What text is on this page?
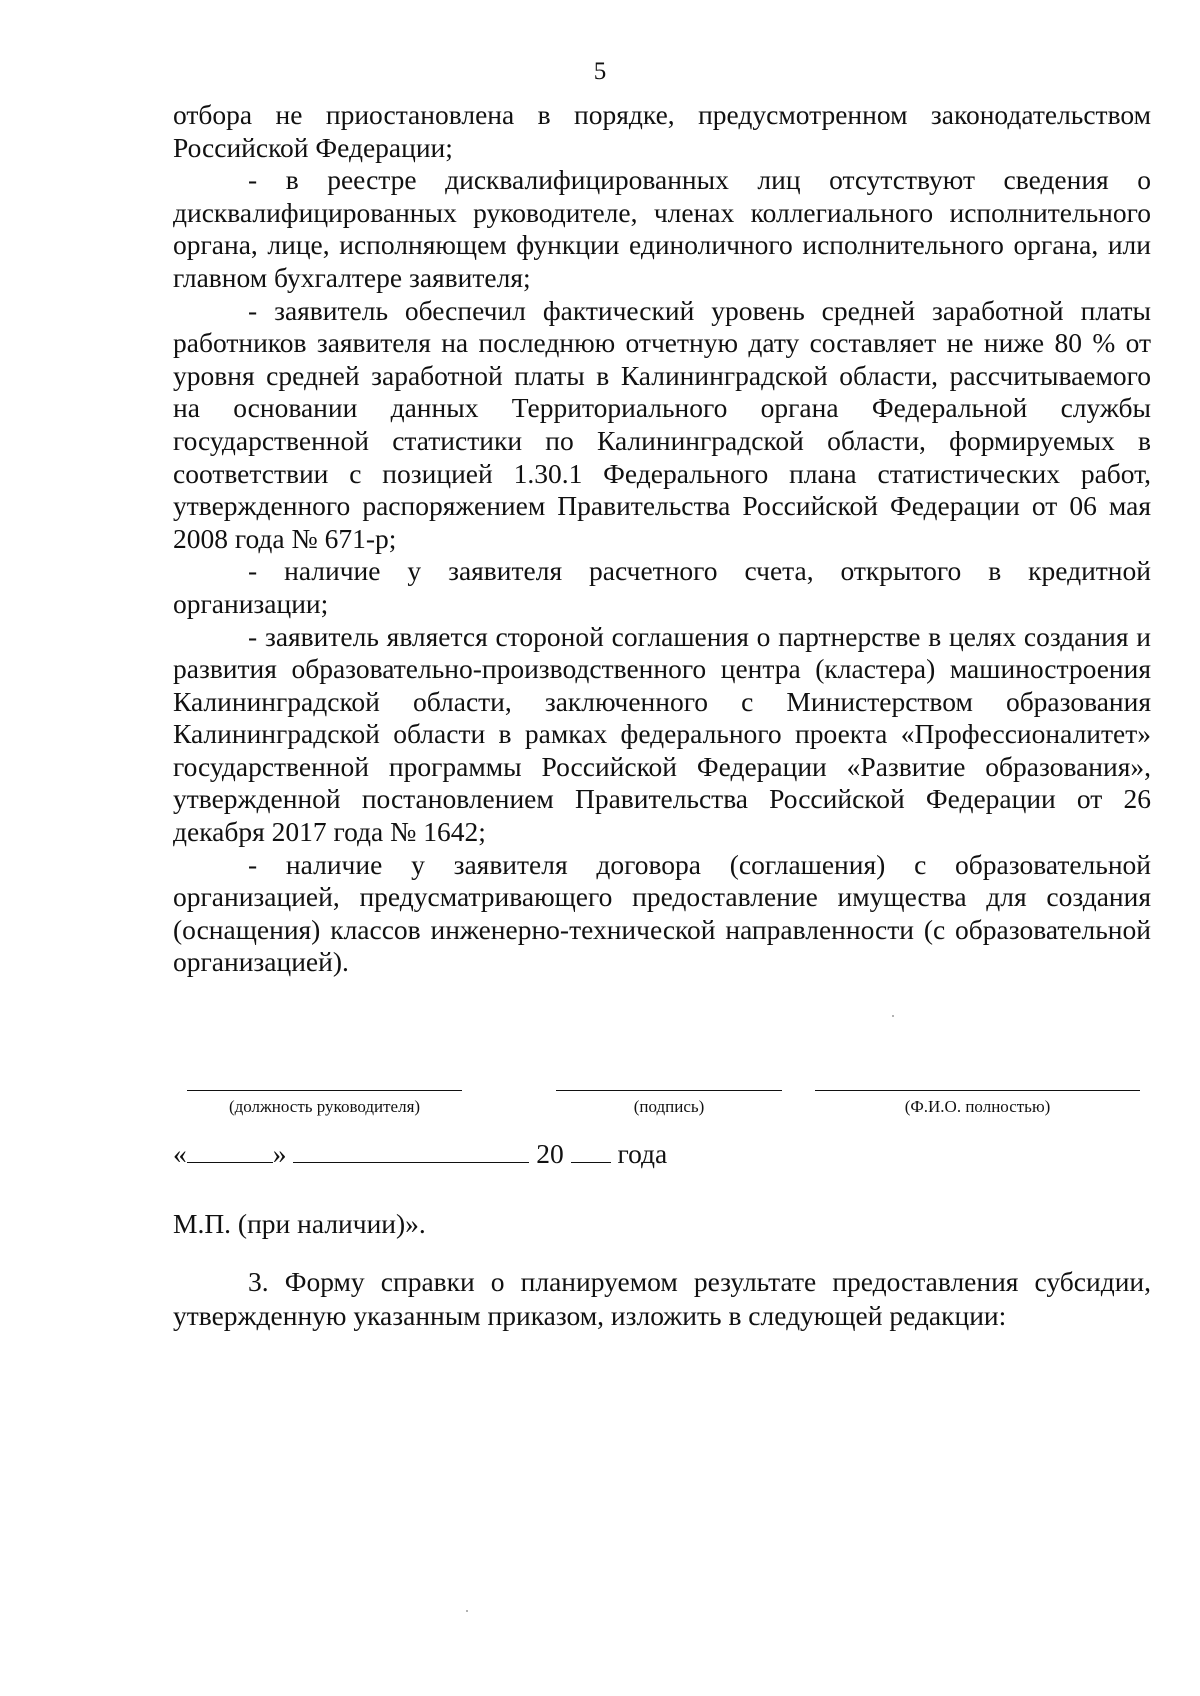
5

отбора не приостановлена в порядке, предусмотренном законодательством Российской Федерации;

- в реестре дисквалифицированных лиц отсутствуют сведения о дисквалифицированных руководителе, членах коллегиального исполнительного органа, лице, исполняющем функции единоличного исполнительного органа, или главном бухгалтере заявителя;

- заявитель обеспечил фактический уровень средней заработной платы работников заявителя на последнюю отчетную дату составляет не ниже 80 % от уровня средней заработной платы в Калининградской области, рассчитываемого на основании данных Территориального органа Федеральной службы государственной статистики по Калининградской области, формируемых в соответствии с позицией 1.30.1 Федерального плана статистических работ, утвержденного распоряжением Правительства Российской Федерации от 06 мая 2008 года № 671-р;

- наличие у заявителя расчетного счета, открытого в кредитной организации;

- заявитель является стороной соглашения о партнерстве в целях создания и развития образовательно-производственного центра (кластера) машиностроения Калининградской области, заключенного с Министерством образования Калининградской области в рамках федерального проекта «Профессионалитет» государственной программы Российской Федерации «Развитие образования», утвержденной постановлением Правительства Российской Федерации от 26 декабря 2017 года № 1642;

- наличие у заявителя договора (соглашения) с образовательной организацией, предусматривающего предоставление имущества для создания (оснащения) классов инженерно-технической направленности (с образовательной организацией).

(должность руководителя)	(подпись)	(Ф.И.О. полностью)
«	»	20 года
М.П. (при наличии)».

3. Форму справки о планируемом результате предоставления субсидии, утвержденную указанным приказом, изложить в следующей редакции:
